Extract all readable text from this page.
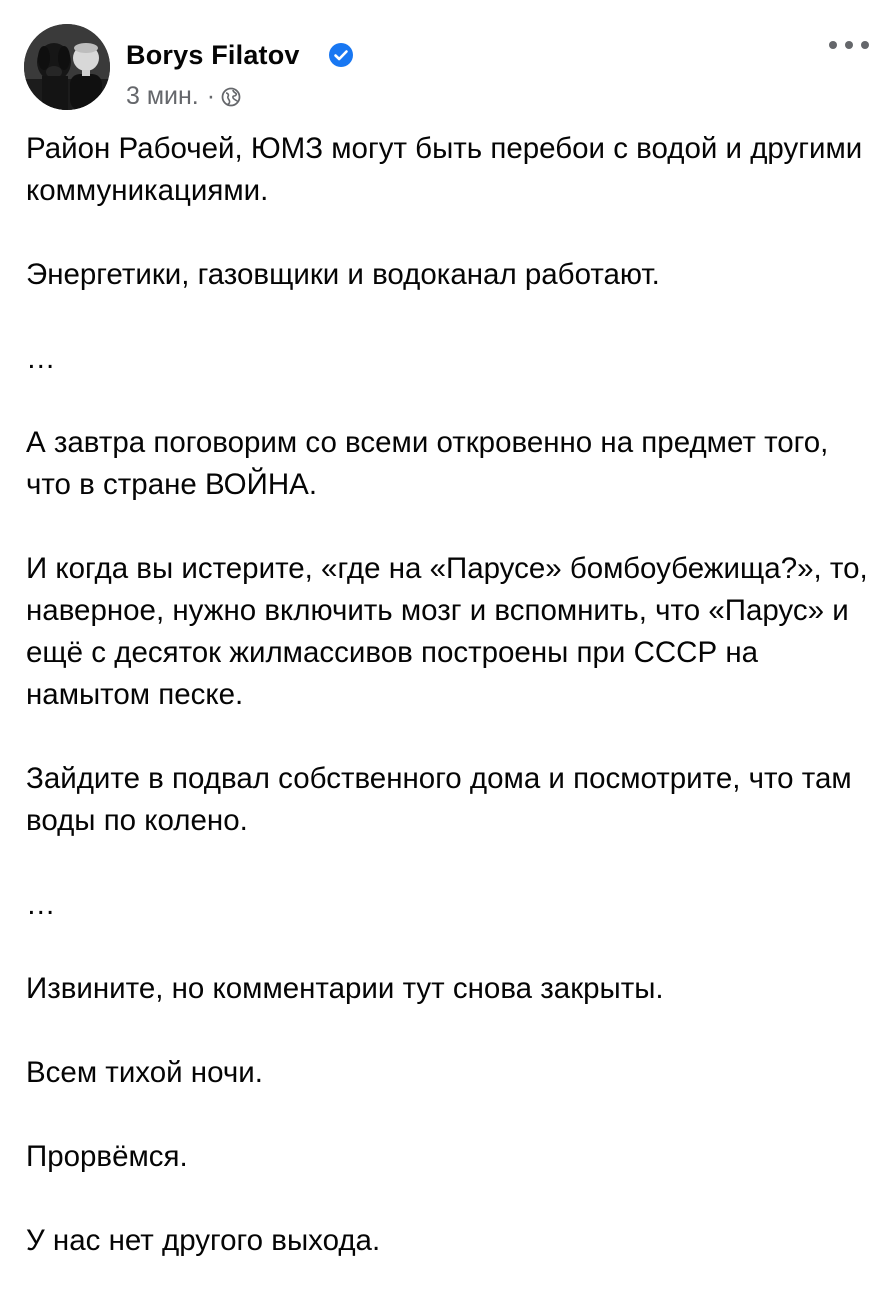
Borys Filatov
3 мин. ·

Район Рабочей, ЮМЗ могут быть перебои с водой и другими коммуникациями.

Энергетики, газовщики и водоканал работают.

…

А завтра поговорим со всеми откровенно на предмет того, что в стране ВОЙНА.

И когда вы истерите, «где на «Парусе» бомбоубежища?», то, наверное, нужно включить мозг и вспомнить, что «Парус» и ещё с десяток жилмассивов построены при СССР на намытом песке.

Зайдите в подвал собственного дома и посмотрите, что там воды по колено.

…

Извините, но комментарии тут снова закрыты.

Всем тихой ночи.

Прорвёмся.

У нас нет другого выхода.
